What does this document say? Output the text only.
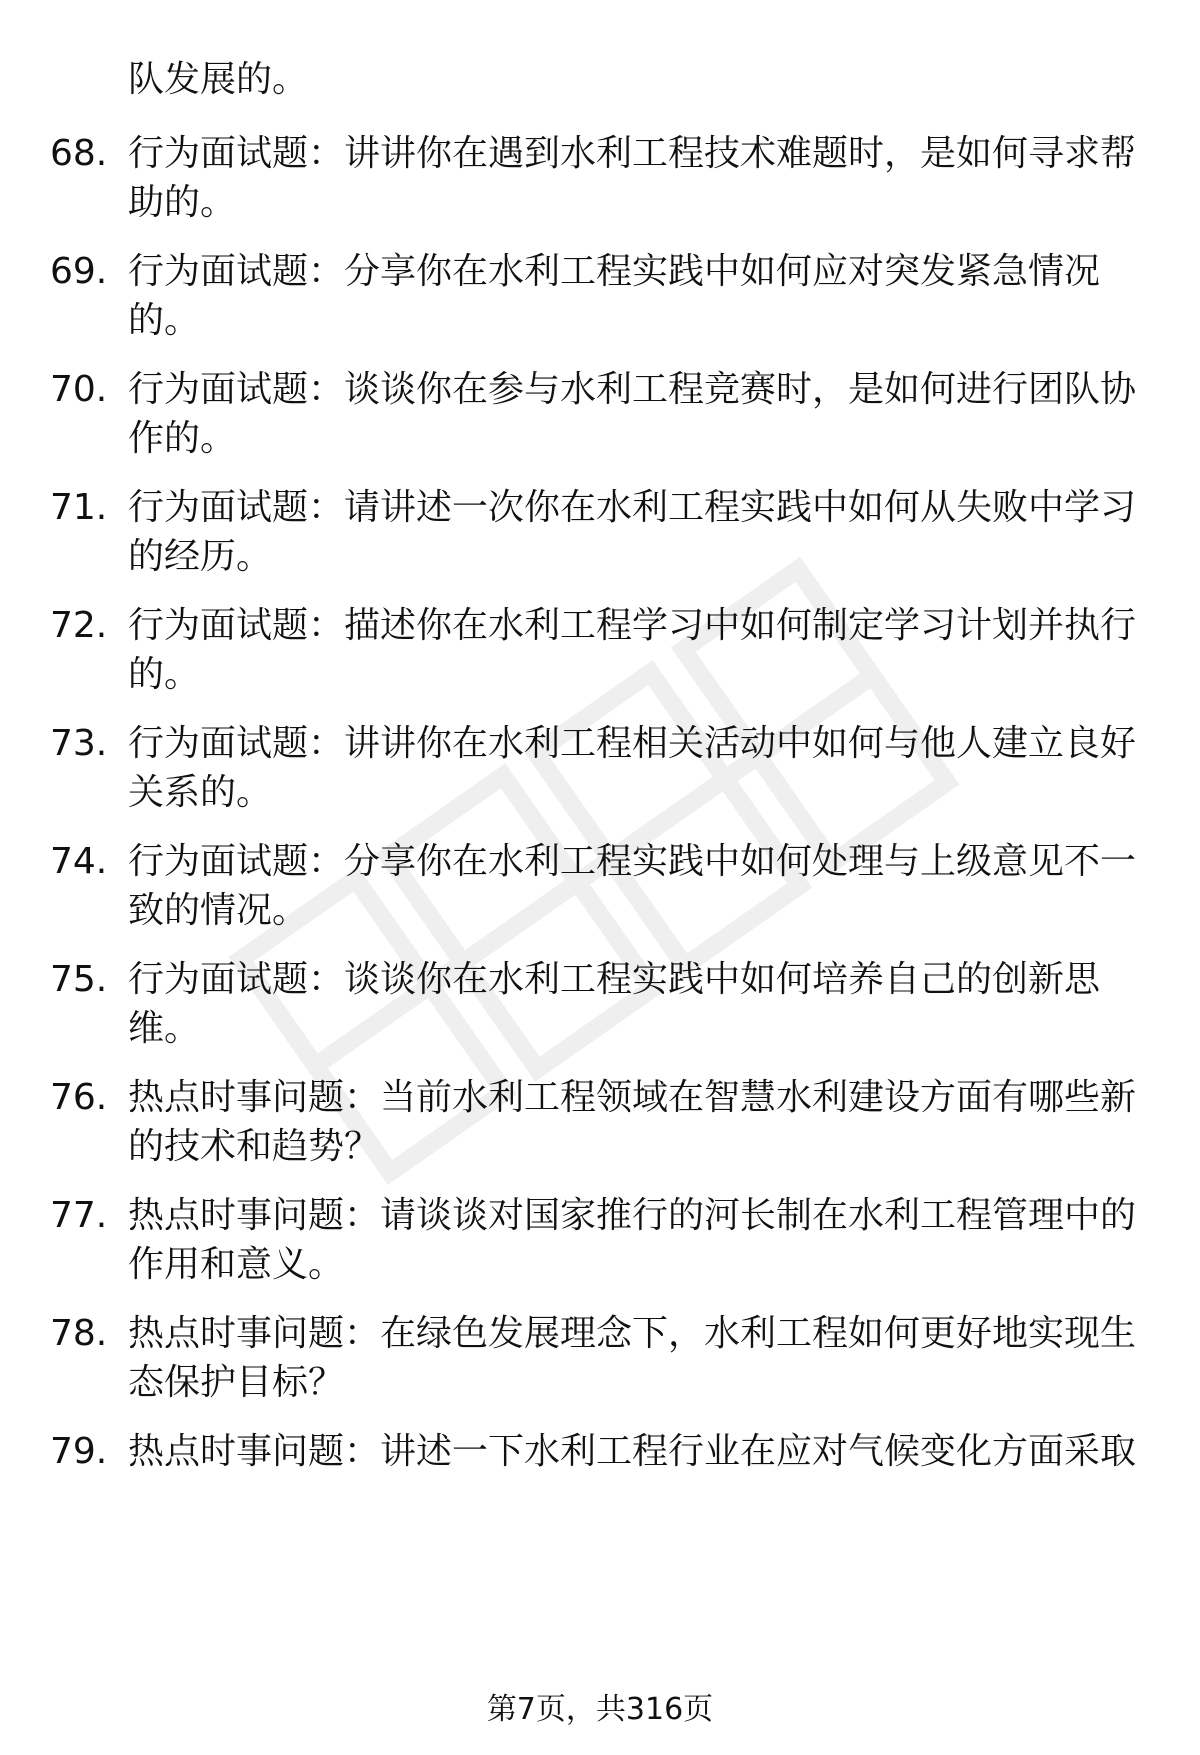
队发展的。
68. 行为面试题：讲讲你在遇到水利工程技术难题时，是如何寻求帮助的。
69. 行为面试题：分享你在水利工程实践中如何应对突发紧急情况的。
70. 行为面试题：谈谈你在参与水利工程竞赛时，是如何进行团队协作的。
71. 行为面试题：请讲述一次你在水利工程实践中如何从失败中学习的经历。
72. 行为面试题：描述你在水利工程学习中如何制定学习计划并执行的。
73. 行为面试题：讲讲你在水利工程相关活动中如何与他人建立良好关系的。
74. 行为面试题：分享你在水利工程实践中如何处理与上级意见不一致的情况。
75. 行为面试题：谈谈你在水利工程实践中如何培养自己的创新思维。
76. 热点时事问题：当前水利工程领域在智慧水利建设方面有哪些新的技术和趋势？
77. 热点时事问题：请谈谈对国家推行的河长制在水利工程管理中的作用和意义。
78. 热点时事问题：在绿色发展理念下，水利工程如何更好地实现生态保护目标？
79. 热点时事问题：讲述一下水利工程行业在应对气候变化方面采取
第7页，共316页
